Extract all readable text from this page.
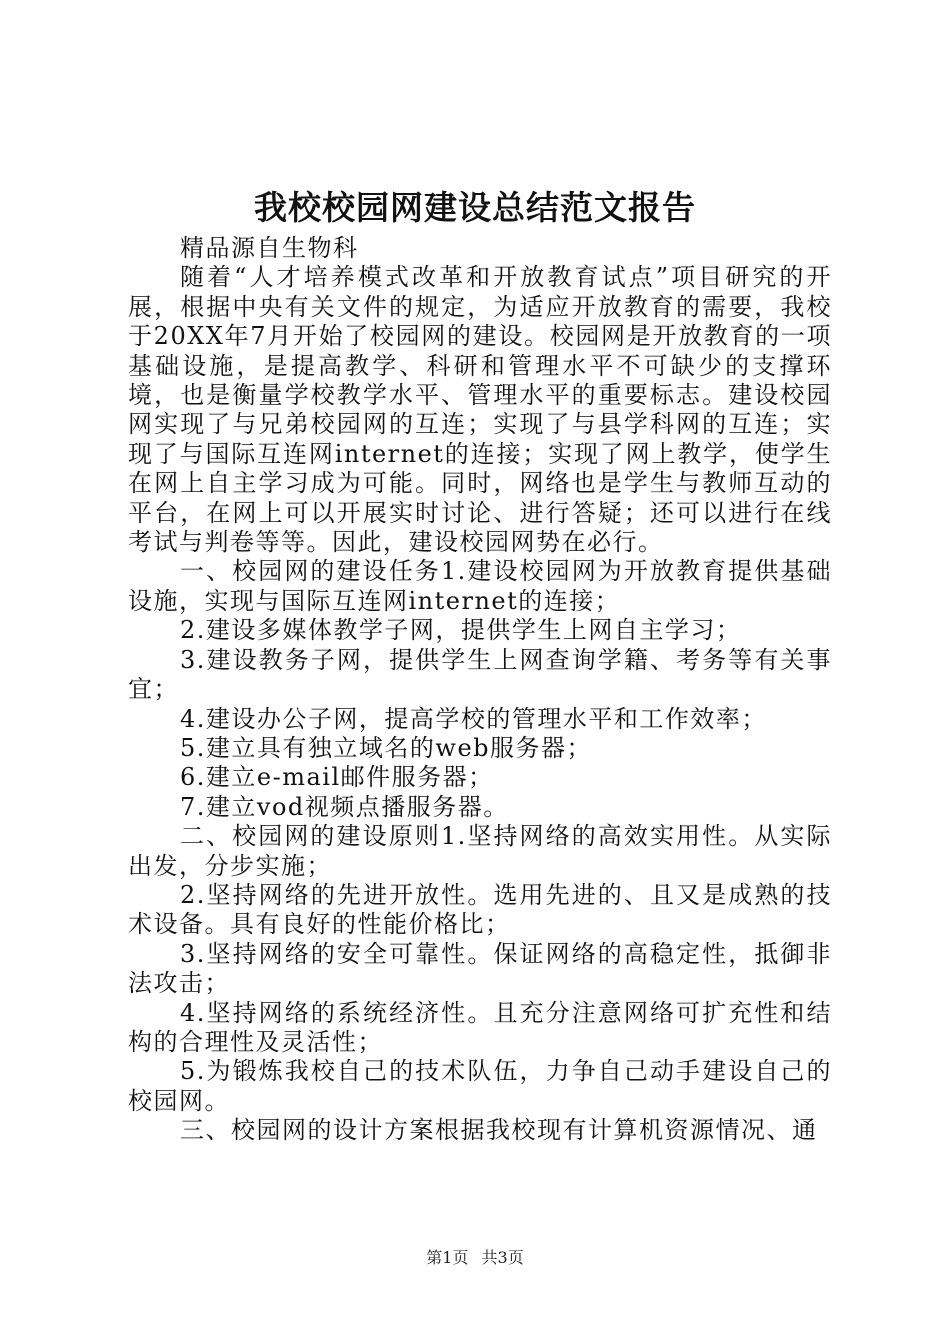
我校校园网建设总结范文报告

精品源自生物科

随着“人才培养模式改革和开放教育试点”项目研究的开展，根据中央有关文件的规定，为适应开放教育的需要，我校于20XX年7月开始了校园网的建设。校园网是开放教育的一项基础设施，是提高教学、科研和管理水平不可缺少的支撑环境，也是衡量学校教学水平、管理水平的重要标志。建设校园网实现了与兄弟校园网的互连；实现了与县学科网的互连；实现了与国际互连网internet的连接；实现了网上教学，使学生在网上自主学习成为可能。同时，网络也是学生与教师互动的平台，在网上可以开展实时讨论、进行答疑；还可以进行在线考试与判卷等等。因此，建设校园网势在必行。

一、校园网的建设任务1.建设校园网为开放教育提供基础设施，实现与国际互连网internet的连接；

2.建设多媒体教学子网，提供学生上网自主学习；

3.建设教务子网，提供学生上网查询学籍、考务等有关事宜；

4.建设办公子网，提高学校的管理水平和工作效率；

5.建立具有独立域名的web服务器；

6.建立e-mail邮件服务器；

7.建立vod视频点播服务器。

二、校园网的建设原则1.坚持网络的高效实用性。从实际出发，分步实施；

2.坚持网络的先进开放性。选用先进的、且又是成熟的技术设备。具有良好的性能价格比；

3.坚持网络的安全可靠性。保证网络的高稳定性，抵御非法攻击；

4.坚持网络的系统经济性。且充分注意网络可扩充性和结构的合理性及灵活性；

5.为锻炼我校自己的技术队伍，力争自己动手建设自己的校园网。

三、校园网的设计方案根据我校现有计算机资源情况、通

第1页 共3页
